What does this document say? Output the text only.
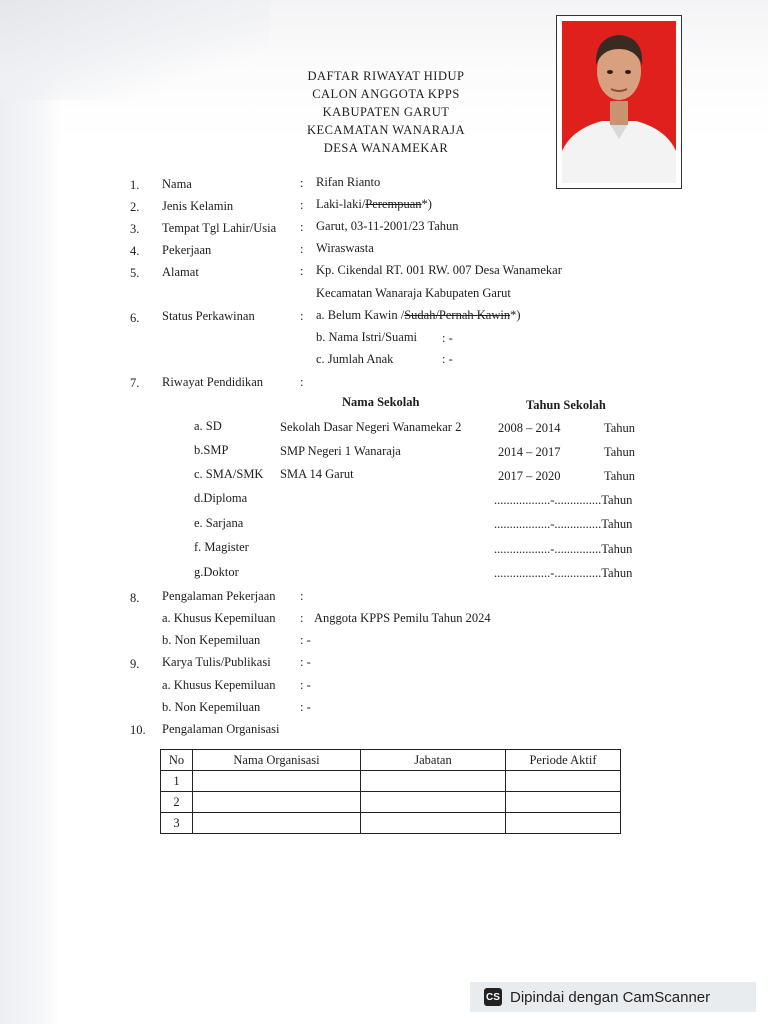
DAFTAR RIWAYAT HIDUP
CALON ANGGOTA KPPS
KABUPATEN GARUT
KECAMATAN WANARAJA
DESA WANAMEKAR
1. Nama	: Rifan Rianto
2. Jenis Kelamin	: Laki-laki/Perempuan*)
3. Tempat Tgl Lahir/Usia : Garut, 03-11-2001/23 Tahun
4. Pekerjaan	: Wiraswasta
5. Alamat	: Kp. Cikendal RT. 001 RW. 007 Desa Wanamekar
Kecamatan Wanaraja Kabupaten Garut
6. Status Perkawinan	: a. Belum Kawin /Sudah/Pernah Kawin*)
b. Nama Istri/Suami : -
c. Jumlah Anak	: -
7. Riwayat Pendidikan	:
Nama Sekolah	Tahun Sekolah
a. SD	Sekolah Dasar Negeri Wanamekar 2	2008 – 2014	Tahun
b.SMP	SMP Negeri 1 Wanaraja	2014 – 2017	Tahun
c. SMA/SMK SMA 14 Garut	2017 – 2020	Tahun
d.Diploma	..................-...............Tahun
e. Sarjana	..................-...............Tahun
f. Magister	..................-...............Tahun
g.Doktor	..................-...............Tahun
8. Pengalaman Pekerjaan :
a. Khusus Kepemiluan : Anggota KPPS Pemilu Tahun 2024
b. Non Kepemiluan	: -
9. Karya Tulis/Publikasi : -
a. Khusus Kepemiluan : -
b. Non Kepemiluan	: -
10. Pengalaman Organisasi
No	Nama Organisasi	Jabatan	Periode Aktif
1			
2			
3			
CS Dipindai dengan CamScanner
